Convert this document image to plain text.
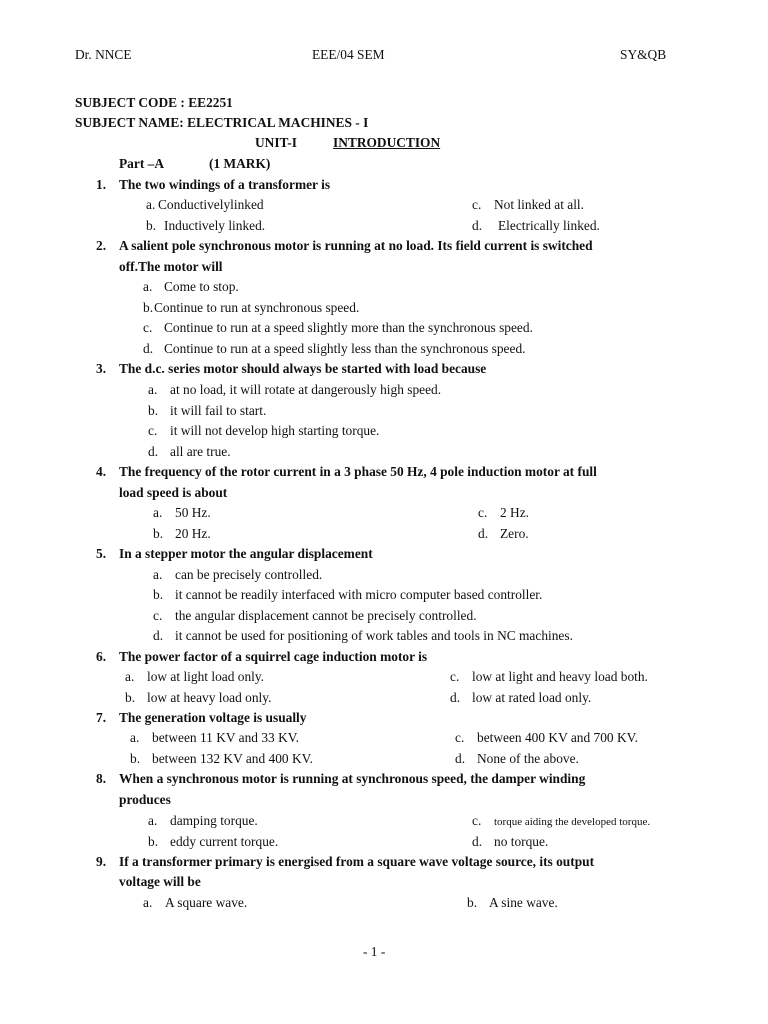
Dr. NNCE	EEE/04 SEM	SY&QB
SUBJECT CODE : EE2251
SUBJECT NAME: ELECTRICAL MACHINES - I
UNIT-I	INTRODUCTION
Part –A	(1 MARK)
1. The two windings of a transformer is
a. Conductivelylinked	c. Not linked at all.
b. Inductively linked.	d. Electrically linked.
2. A salient pole synchronous motor is running at no load. Its field current is switched
off.The motor will
a. Come to stop.
b. Continue to run at synchronous speed.
c. Continue to run at a speed slightly more than the synchronous speed.
d. Continue to run at a speed slightly less than the synchronous speed.
3. The d.c. series motor should always be started with load because
a. at no load, it will rotate at dangerously high speed.
b. it will fail to start.
c. it will not develop high starting torque.
d. all are true.
4. The frequency of the rotor current in a 3 phase 50 Hz, 4 pole induction motor at full
load speed is about
a. 50 Hz.	c. 2 Hz.
b. 20 Hz.	d. Zero.
5. In a stepper motor the angular displacement
a. can be precisely controlled.
b. it cannot be readily interfaced with micro computer based controller.
c. the angular displacement cannot be precisely controlled.
d. it cannot be used for positioning of work tables and tools in NC machines.
6. The power factor of a squirrel cage induction motor is
a. low at light load only.	c. low at light and heavy load both.
b. low at heavy load only.	d. low at rated load only.
7. The generation voltage is usually
a. between 11 KV and 33 KV.	c. between 400 KV and 700 KV.
b. between 132 KV and 400 KV.	d. None of the above.
8. When a synchronous motor is running at synchronous speed, the damper winding
produces
a. damping torque.	c. torque aiding the developed torque.
b. eddy current torque.	d. no torque.
9. If a transformer primary is energised from a square wave voltage source, its output
voltage will be
a. A square wave.	b. A sine wave.
- 1 -
